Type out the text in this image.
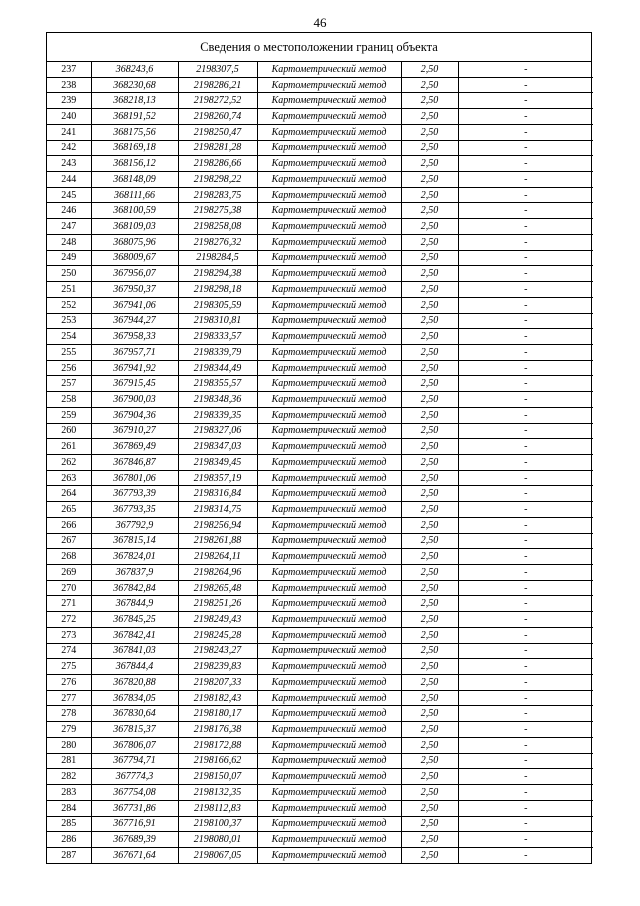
46
Сведения о местоположении границ объекта
237	368243,6	2198307,5	Картометрический метод	2,50	-
238	368230,68	2198286,21	Картометрический метод	2,50	-
239	368218,13	2198272,52	Картометрический метод	2,50	-
240	368191,52	2198260,74	Картометрический метод	2,50	-
241	368175,56	2198250,47	Картометрический метод	2,50	-
242	368169,18	2198281,28	Картометрический метод	2,50	-
243	368156,12	2198286,66	Картометрический метод	2,50	-
244	368148,09	2198298,22	Картометрический метод	2,50	-
245	368111,66	2198283,75	Картометрический метод	2,50	-
246	368100,59	2198275,38	Картометрический метод	2,50	-
247	368109,03	2198258,08	Картометрический метод	2,50	-
248	368075,96	2198276,32	Картометрический метод	2,50	-
249	368009,67	2198284,5	Картометрический метод	2,50	-
250	367956,07	2198294,38	Картометрический метод	2,50	-
251	367950,37	2198298,18	Картометрический метод	2,50	-
252	367941,06	2198305,59	Картометрический метод	2,50	-
253	367944,27	2198310,81	Картометрический метод	2,50	-
254	367958,33	2198333,57	Картометрический метод	2,50	-
255	367957,71	2198339,79	Картометрический метод	2,50	-
256	367941,92	2198344,49	Картометрический метод	2,50	-
257	367915,45	2198355,57	Картометрический метод	2,50	-
258	367900,03	2198348,36	Картометрический метод	2,50	-
259	367904,36	2198339,35	Картометрический метод	2,50	-
260	367910,27	2198327,06	Картометрический метод	2,50	-
261	367869,49	2198347,03	Картометрический метод	2,50	-
262	367846,87	2198349,45	Картометрический метод	2,50	-
263	367801,06	2198357,19	Картометрический метод	2,50	-
264	367793,39	2198316,84	Картометрический метод	2,50	-
265	367793,35	2198314,75	Картометрический метод	2,50	-
266	367792,9	2198256,94	Картометрический метод	2,50	-
267	367815,14	2198261,88	Картометрический метод	2,50	-
268	367824,01	2198264,11	Картометрический метод	2,50	-
269	367837,9	2198264,96	Картометрический метод	2,50	-
270	367842,84	2198265,48	Картометрический метод	2,50	-
271	367844,9	2198251,26	Картометрический метод	2,50	-
272	367845,25	2198249,43	Картометрический метод	2,50	-
273	367842,41	2198245,28	Картометрический метод	2,50	-
274	367841,03	2198243,27	Картометрический метод	2,50	-
275	367844,4	2198239,83	Картометрический метод	2,50	-
276	367820,88	2198207,33	Картометрический метод	2,50	-
277	367834,05	2198182,43	Картометрический метод	2,50	-
278	367830,64	2198180,17	Картометрический метод	2,50	-
279	367815,37	2198176,38	Картометрический метод	2,50	-
280	367806,07	2198172,88	Картометрический метод	2,50	-
281	367794,71	2198166,62	Картометрический метод	2,50	-
282	367774,3	2198150,07	Картометрический метод	2,50	-
283	367754,08	2198132,35	Картометрический метод	2,50	-
284	367731,86	2198112,83	Картометрический метод	2,50	-
285	367716,91	2198100,37	Картометрический метод	2,50	-
286	367689,39	2198080,01	Картометрический метод	2,50	-
287	367671,64	2198067,05	Картометрический метод	2,50	-
